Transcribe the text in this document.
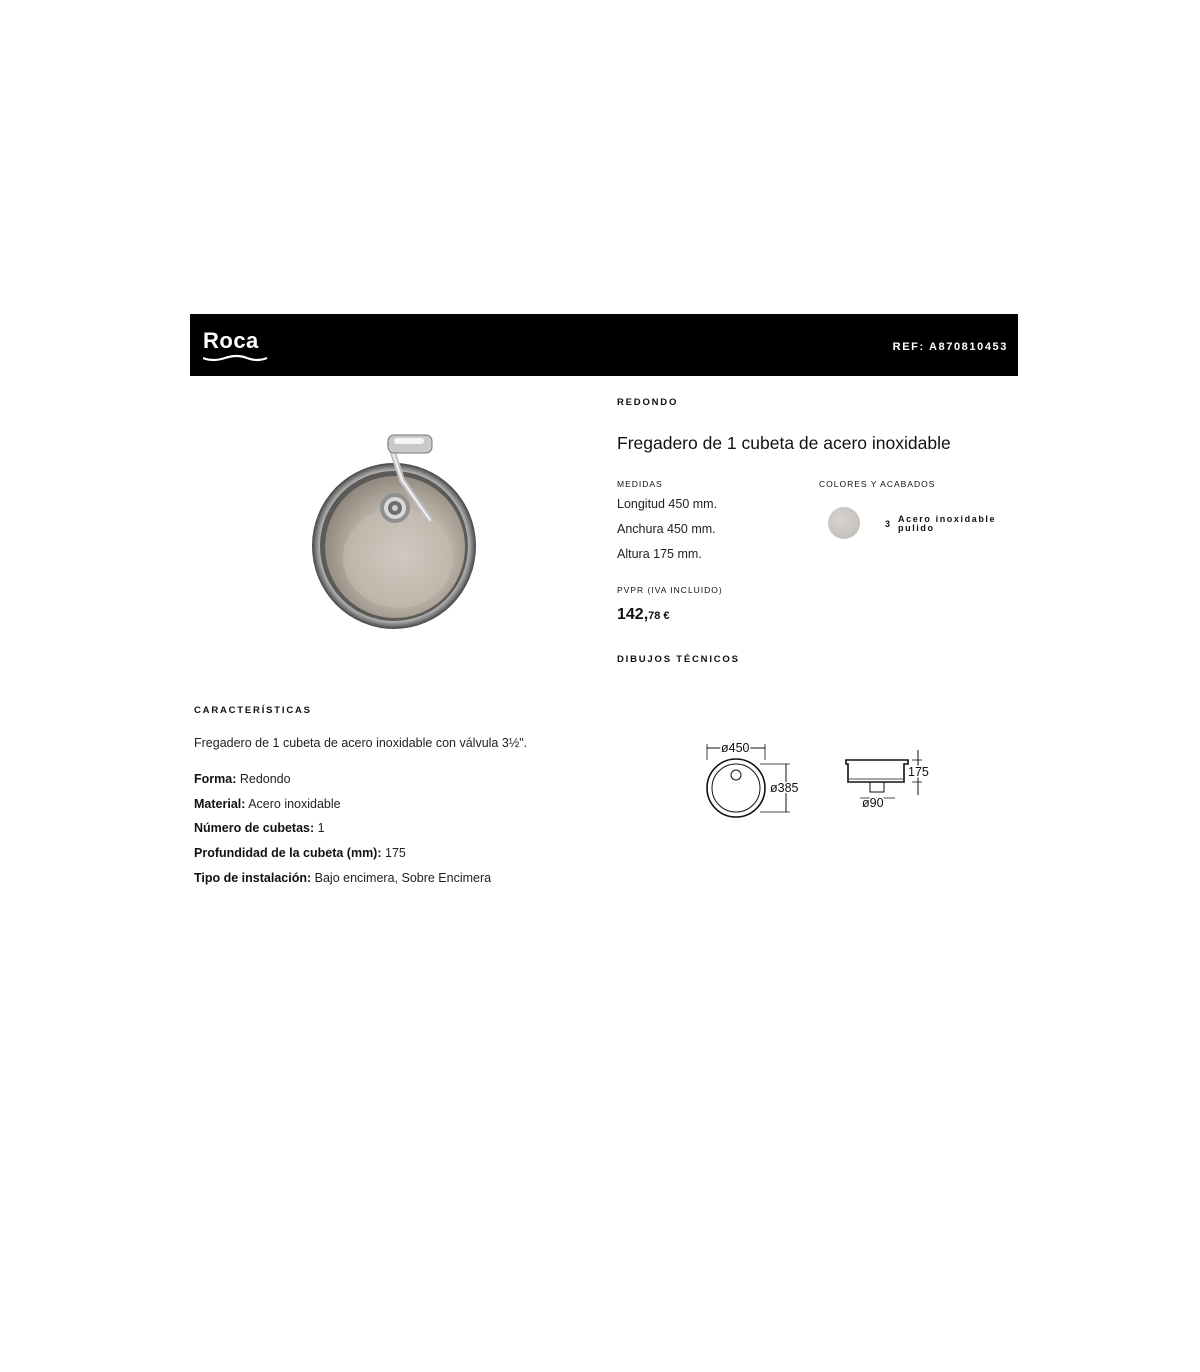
Roca	REF: A870810453
REDONDO
Fregadero de 1 cubeta de acero inoxidable
MEDIDAS
Longitud 450 mm.
Anchura 450 mm.
Altura 175 mm.
COLORES Y ACABADOS
3 Acero inoxidable pulido
PVPR (IVA INCLUIDO)
142,78 €
DIBUJOS TÉCNICOS
ø450
ø385
175
ø90
CARACTERÍSTICAS
Fregadero de 1 cubeta de acero inoxidable con válvula 3½".
Forma: Redondo
Material: Acero inoxidable
Número de cubetas: 1
Profundidad de la cubeta (mm): 175
Tipo de instalación: Bajo encimera, Sobre Encimera
